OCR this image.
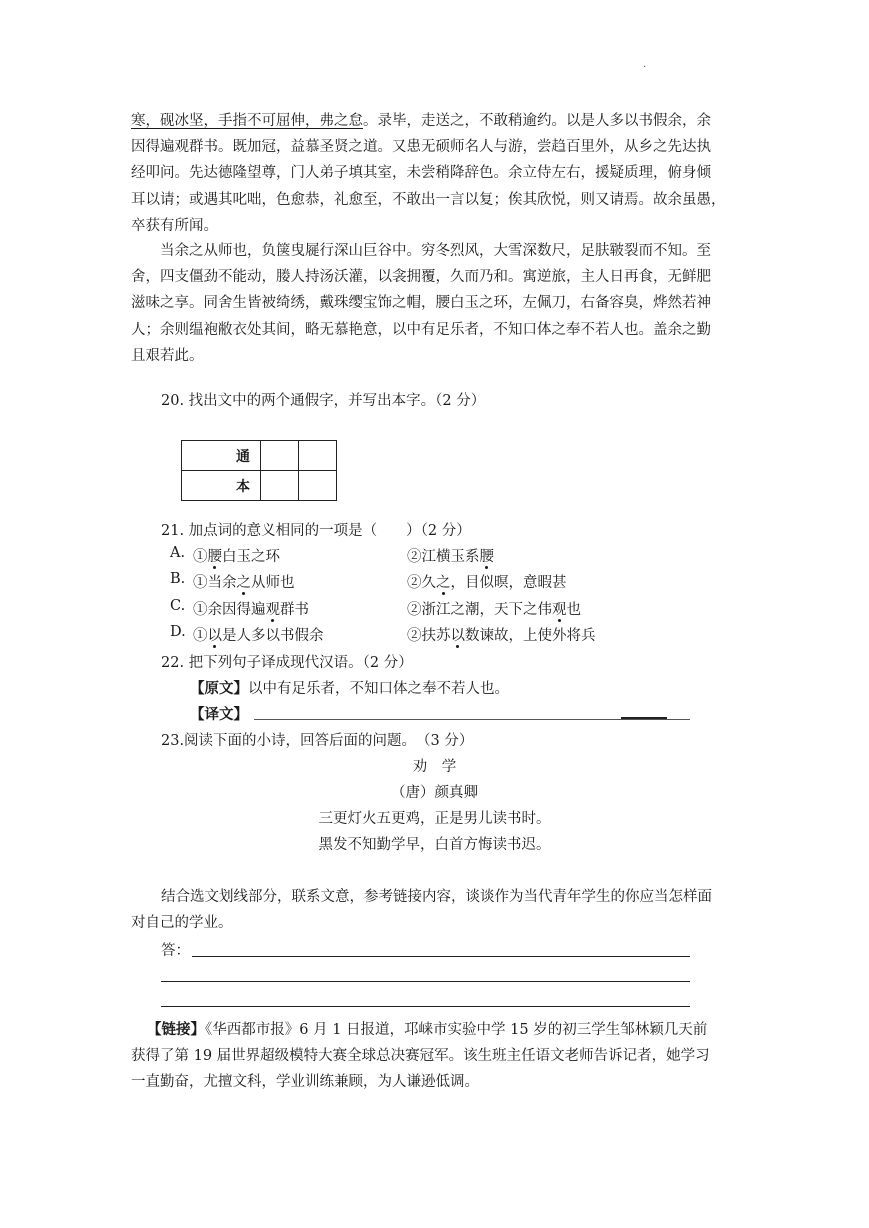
·
寒，砚冰坚，手指不可屈伸，弗之怠。录毕，走送之，不敢稍逾约。以是人多以书假余，余
因得遍观群书。既加冠，益慕圣贤之道。又患无硕师名人与游，尝趋百里外，从乡之先达执
经叩问。先达德隆望尊，门人弟子填其室，未尝稍降辞色。余立侍左右，援疑质理，俯身倾
耳以请；或遇其叱咄，色愈恭，礼愈至，不敢出一言以复；俟其欣悦，则又请焉。故余虽愚，
卒获有所闻。
　　当余之从师也，负箧曳屣行深山巨谷中。穷冬烈风，大雪深数尺，足肤皲裂而不知。至
舍，四支僵劲不能动，媵人持汤沃灌，以衾拥覆，久而乃和。寓逆旅，主人日再食，无鲜肥
滋味之享。同舍生皆被绮绣，戴珠缨宝饰之帽，腰白玉之环，左佩刀，右备容臭，烨然若神
人；余则缊袍敝衣处其间，略无慕艳意，以中有足乐者，不知口体之奉不若人也。盖余之勤
且艰若此。
20. 找出文中的两个通假字，并写出本字。（2 分）
通		
本		
21. 加点词的意义相同的一项是（　　）（2 分）
A. ①腰白玉之环	②江横玉系腰
B. ①当余之从师也	②久之，目似暝，意暇甚
C. ①余因得遍观群书	②浙江之潮，天下之伟观也
D. ①以是人多以书假余	②扶苏以数谏故，上使外将兵
22. 把下列句子译成现代汉语。（2 分）
【原文】以中有足乐者，不知口体之奉不若人也。
【译文】
23.阅读下面的小诗，回答后面的问题。　（3 分）
劝　学
（唐）颜真卿
三更灯火五更鸡，正是男儿读书时。
黑发不知勤学早，白首方悔读书迟。
结合选文划线部分，联系文意，参考链接内容，谈谈作为当代青年学生的你应当怎样面
对自己的学业。
答：
【链接】《华西都市报》6 月 1 日报道，邛崃市实验中学 15 岁的初三学生邹林颖几天前
获得了第 19 届世界超级模特大赛全球总决赛冠军。该生班主任语文老师告诉记者，她学习
一直勤奋，尤擅文科，学业训练兼顾，为人谦逊低调。
